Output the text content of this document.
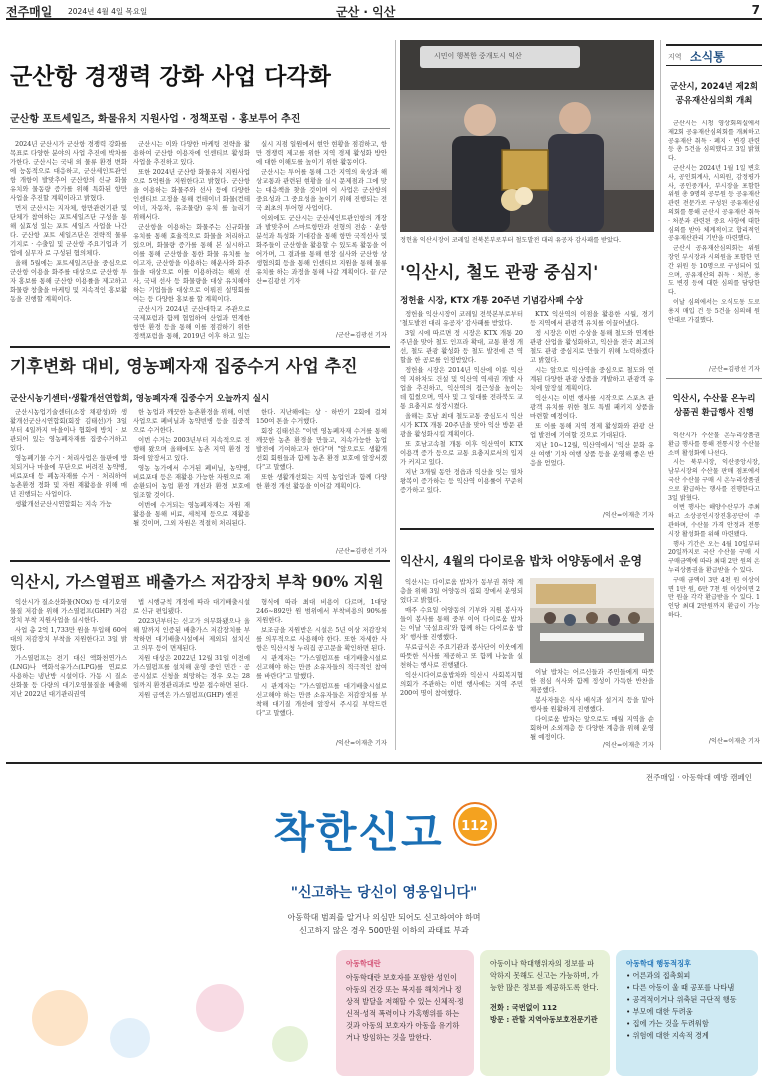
전주매일 2024년 4월 4일 목요일	군산 · 익산	7
군산항 경쟁력 강화 사업 다각화
군산항 포트세일즈, 화물유치 지원사업 · 정책포럼 · 홍보투어 추진

2024년 군산시가 군산항 경쟁력 강화를 목표로 다양한 분야의 사업 추진에 박차를 가한다. 군산시는 국내 외 물류 환경 변화에 능동적으로 대응하고, 군산세인트관인항 개항이 발맞추어 군산항의 신규 화물 유치와 물동량 증가를 위해 특화된 항만 사업을 추진할 계획이라고 밝혔다.

먼저 군산시는 지자체, 항만관련기관 및 단체가 참여하는 포트세일즈단 구성을 통해 실효성 있는 포트 세일즈 사업을 나간다. 군산항 포트 세일즈단은 전략적 물류기지로 · 수출입 및 군산항 주요기업과 기업에 실무자 로 구성된 협의체다.

올해 5월에는 포트세일즈단을 중심으로 군산항 이용을 화주를 대상으로 군산항 투자 홍보를 통해 군산항 이용률을 제고하고 화물량 창출을 마케팅 및 지속적인 홍보활동을 진행할 계획이다.

군산시는 이와 다양한 마케팅 전략을 활용하여 군산항 이용자에 인센티브 활성화 사업을 추진하고 있다.

또한 2024년 군산항 화물유치 지원사업으로 5억원을 지원한다고 밝혔다. 군산항을 이용하는 화물주와 선사 등에 다양한 인센티브 고정을 통해 컨테이너 화물(컨테이너, 자동차, 유조물량) 유치 를 늘리기 위해서다.

군산항을 이용하는 화물주는 신규화물 유치를 통해 효율적으로 화물을 처리하고 있으며, 화물량 증가를 통해 본 실시하고 이를 통해 군산항을 통한 화물 유치를 높이고자, 군산항을 이용하는 해운사와 화주들을 대상으로 이를 이용하려는 해외 선사, 국내 선사 등 화물량을 대상 유치해야 하는 기업들을 대상으로 이뤄진 설명회를 여는 등 다양한 홍보를 할 계획이다.

군산시가 2024년 군산대학교 주관으로 국제포럼과 함께 협업하여 산업과 연계한 항만 환경 등을 통해 이를 점검하기 위한 정책포럼을 통해, 2019년 이후 하고 있는

실시 지점 일원에서 현안 현황을 점검하고, 항만 경쟁력 제고를 위한 지역 경제 활성화 방안에 대한 이해도를 높이기 위한 활동이다.

군산시는 투어를 통해 그간 지역의 육상과 해상교통과 관련된 현황을 실시 문제점과 그에 맞는 대응책을 찾을 것이며 이 사업은 군산항의 중요성과 그 중요성을 높이기 위해 진행되는 전국 최초의 투어형 사업이다.

이외에도 군산시는 군산세인트관인항의 개장과 발맞추어 스마트항만과 선형의 전송 · 운항 분석과 특성화 기대감을 통해 항만 국적선사 및 화주들이 군산항을 활용할 수 있도록 활동을 이어가며, 그 결과를 통해 현장 실사와 군산항 상생협의회 등을 통해 인센티브 지원을 통해 물류 유치를 하는 과정을 통해 나갈 계획이다. 끝 /군산=김광선 기자

/군산=김광선 기자
기후변화 대비, 영농폐자재 집중수거 사업 추진
군산시농기센터·생활개선연합회, 영농폐자재 집중수거 오늘까지 실시

군산시농업기술센터(소장 채광성)와 생활개선군산시연합회(회장 김태선)가 3일부터 4일까지 마을이나 협회에 방치 · 보관되어 있는 영농폐자재를 집중수거하고 있다.

영농폐기물 수거 · 처리사업은 들판에 방치되거나 마을에 무단으로 버려진 농약병, 비료포대 등 폐농자재를 수거 · 처리하여 농촌환경 정화 및 자원 재활용을 위해 매년 진행되는 사업이다.

생활개선군산시연합회는 지속 가능

한 농업과 깨끗한 농촌환경을 위해, 이번 사업으로 폐비닐과 농약빈병 등을 집중적으로 수거한다.

이번 수거는 2003년부터 지속적으로 진행해 왔으며 올해에도 농촌 지역 환경 정화에 앞장서고 있다.

영농 농가에서 수거된 폐비닐, 농약병, 비료포대 등은 재활용 가능한 자원으로 재순환되어 농업 환경 개선과 환경 보호에 일조할 것이다.

이번에 수거되는 영농폐자재는 자원 재활용을 통해 비료, 세척제 등으로 재활용될 것이며, 그외 자원은 적절히 처리된다.

한다. 지난해에는 상 · 하반기 2회에 걸쳐 150여 톤을 수거했다.

회장 김태선은 "이번 영농폐자재 수거를 통해 깨끗한 농촌 환경을 만들고, 지속가능한 농업 발전에 기여하고자 한다"며 "앞으로도 생활개선회 회원들과 함께 농촌 환경 보호에 앞장서겠다"고 말했다.

또한 생활개선회는 지역 농업인과 함께 다양한 환경 개선 활동을 이어갈 계획이다.

/군산=김광선 기자
익산시, 가스열펌프 배출가스 저감장치 부착 90% 지원

익산시가 질소산화물(NOx) 등 대기오염물질 저감을 위해 가스열펌프(GHP) 저감장치 부착 지원사업을 실시한다.

사업 총 2억 1,733만 원을 투입해 60여 대의 저감장치 부착을 지원한다고 3일 밝혔다.

가스열펌프는 전기 대신 액화천연가스(LNG)나 액화석유가스(LPG)를 연료로 사용하는 냉난방 시설이다. 가동 시 질소산화물 등 다량의 대기오염물질을 배출해 지난 2022년 대기관리권역

법 시행규칙 개정에 따라 대기배출시설로 신규 편입됐다.

2023년부터는 신고가 의무화됐으나 올해 말까지 인증된 배출가스 저감장치를 부착하면 대기배출시설에서 제외되 설치신고 의무 등이 면제된다.

지원 대상은 2022년 12월 31일 이전에 가스열펌프를 설치해 운영 중인 민간 · 공공시설로 신청을 희망하는 경우 오는 28일까지 환경관리과로 방문 접수하면 된다.

지원 금액은 가스열펌프(GHP) 엔진

형식에 따라 최대 비용이 다르며, 1대당 246~892만 원 범위에서 부착비용의 90%를 지원한다.

보조금을 지원받은 시설은 5년 이상 저감장치를 의무적으로 사용해야 한다. 또한 자세한 사항은 익산시청 누리집 공고문을 확인하면 된다.

시 관계자는 "가스열펌프를 대기배출시설로 신고해야 하는 만큼 소유자들의 적극적인 참여를 바란다"고 말했다.

시 관계자는 "가스열펌프를 대기배출시설로 신고해야 하는 만큼 소유자들은 저감장치를 부착해 대기질 개선에 앞장서 주시길 부탁드린다"고 말했다.

/익산=이재춘 기자
시민이 행복한 중개도시 익산
정헌율 익산시장이 코레일 전북본부로부터 철도발전 대리 유공자 감사패를 받았다.
'익산시, 철도 관광 중심지'
정헌율 시장, KTX 개통 20주년 기념감사패 수상

정헌율 익산시장이 코레일 전북본부로부터 '철도발전 대리 유공자' 감사패를 받았다.

3일 시에 따르면 정 시장은 KTX 개통 20주년을 맞아 철도 인프라 확대, 교통 환경 개선, 철도 관광 활성화 등 철도 발전에 큰 역할을 한 공로를 인정받았다.

정헌율 시장은 2014년 익산에 이룬 익산역 지하차도 건설 및 익산역 역세권 개발 사업을 추진하고, 익산역의 접근성을 높이는 데 힘썼으며, 역사 및 그 일대를 전라북도 교통 요충지로 성장시켰다.

올해는 호남 최대 철도교통 중심도시 익산시가 KTX 개통 20주년을 맞아 익산 방문 관광을 활성화시킬 계획이다.

또 호남고속철 개통 이후 익산역이 KTX 이용객 증가 등으로 교통 요충지로서의 입지가 커지고 있다.

지난 3개월 동안 정읍과 익산을 잇는 열차 왕복이 증가하는 등 익산역 이용률이 꾸준히 증가하고 있다.

KTX 익산역의 이점을 활용한 시월, 경기 등 지역에서 관광객 유치를 이끌어냈다.

정 시장은 이번 수상을 통해 철도와 연계한 관광 산업을 활성화하고, 익산을 전국 최고의 철도 관광 중심지로 만들기 위해 노력하겠다고 밝혔다.

시는 앞으로 익산역을 중심으로 철도와 연계된 다양한 관광 상품을 개발하고 관광객 유치에 앞장설 계획이다.

익산시는 이번 행사를 시작으로 스포츠 관광객 유치를 위한 철도 특별 패키지 상품을 마련할 예정이다.

또 이를 통해 지역 경제 활성화와 관광 산업 발전에 기여할 것으로 기대된다.

지난 10~12월, 익산역에서 '익산 문화 유산 여행' 기차 여행 상품 등을 운영해 좋은 반응을 얻었다.

/익산=이재춘 기자
익산시, 4월의 다이로움 밥차 어양동에서 운영

익산시는 다이로움 밥차가 동부권 취약 계층을 위해 3일 어양동의 집회 장에서 운영되었다고 밝혔다.

매주 수요일 어양동의 기부와 지원 봉사자들이 봉사를 통해 중부 이어 다이로움 밥차는 이날 '국설요리'와 함께 하는 다이로움 밥차' 행사를 진행했다.

무료급식은 주요기관과 봉사단이 이웃에게 따뜻한 식사를 제공하고 또 함께 나눔을 실천하는 행사로 진행됐다.

익산시다이로움밥차와 익산시 사회복지협의회가 주관하는 이번 행사에는 지역 주민 200여 명이 참여했다.

이날 밥차는 어르신들과 주민들에게 따뜻한 점심 식사와 함께 정성이 가득한 반찬을 제공했다.

봉사자들은 식사 배식과 설거지 등을 맡아 행사를 원활하게 진행했다.

다이로움 밥차는 앞으로도 매월 지역을 순회하며 소외계층 등 다양한 계층을 위해 운영될 예정이다.

/익산=이재춘 기자
지역 소식통
군산시, 2024년 제2회 공유재산심의회 개최

군산시는 시청 영상회의실에서 제2회 공유재산심의회를 개최하고 공유재산 취득 · 폐지 · 변경 관련 등 총 5건을 심의했다고 3일 밝혔다.

군산시는 2024년 1월 1일 변호사, 공인회계사, 시의원, 감정평가사, 공인중개사, 부시장을 포함한 위원 총 9명의 공무원 등 공유재산 관련 전문가로 구성된 공유재산심의회를 통해 군산시 공유재산 취득 · 처분과 관련된 중요 사항에 대한 심의를 받아 체계적이고 합리적인 공유재산관리 기반을 마련했다.

군산시 공유재산심의회는 위원장인 부시장과 시의원을 포함한 민간 위원 등 10명으로 구성되어 있으며, 공유재산의 취득 · 처분, 용도 변경 등에 대한 심의를 담당한다.

이날 심의에서는 오식도동 도로 용지 매입 건 등 5건을 심의해 원안대로 가결했다.

/군산=김광선 기자
익산시, 수산물 온누리 상품권 환급행사 진행

익산시가 수산물 온누리상품권 환급 행사를 통해 전통시장 수산물 소비 활성화에 나선다.

시는 북부시장, 익산중앙시장, 남부시장의 수산물 판매 점포에서 국산 수산물 구매 시 온누리상품권으로 환급하는 행사를 진행한다고 3일 밝혔다.

이번 행사는 해양수산부가 주최하고 소상공인시장진흥공단이 주관하며, 수산물 가격 안정과 전통시장 활성화를 위해 마련됐다.

행사 기간은 오는 4월 10일부터 20일까지로 국산 수산물 구매 시 구매금액에 따라 최대 2만 원의 온누리상품권을 환급받을 수 있다.

구매 금액이 3만 4천 원 이상이면 1만 원, 6만 7천 원 이상이면 2만 원을 각각 환급받을 수 있다. 1인당 최대 2만원까지 환급이 가능하다.

/익산=이재춘 기자
전주매일 · 아동학대 예방 캠페인
착한신고 112
"신고하는 당신이 영웅입니다"
아동학대 범죄를 알거나 의심만 되어도 신고하여야 하며
신고하지 않은 경우 500만원 이하의 과태료 부과
아동학대란
아동학대란 보호자를 포함한 성인이 아동의 건강 또는 복지를 해치거나 정상적 발달을 저해할 수 있는 신체적·정신적·성적 폭력이나 가혹행위를 하는 것과 아동의 보호자가 아동을 유기하거나 방임하는 것을 말한다.
아동이나 학대행위자의 정보를 파악하지 못해도 신고는 가능하며, 가능한 많은 정보를 제공하도록 한다.
전화 : 국번없이 112
방문 : 관할 지역아동보호전문기관
아동학대 행동적징후
• 어른과의 접촉회피
• 다른 아동이 울 때 공포를 나타냄
• 공격적이거나 위축된 극단적 행동
• 부모에 대한 두려움
• 집에 가는 것을 두려워함
• 위험에 대한 지속적 경계
